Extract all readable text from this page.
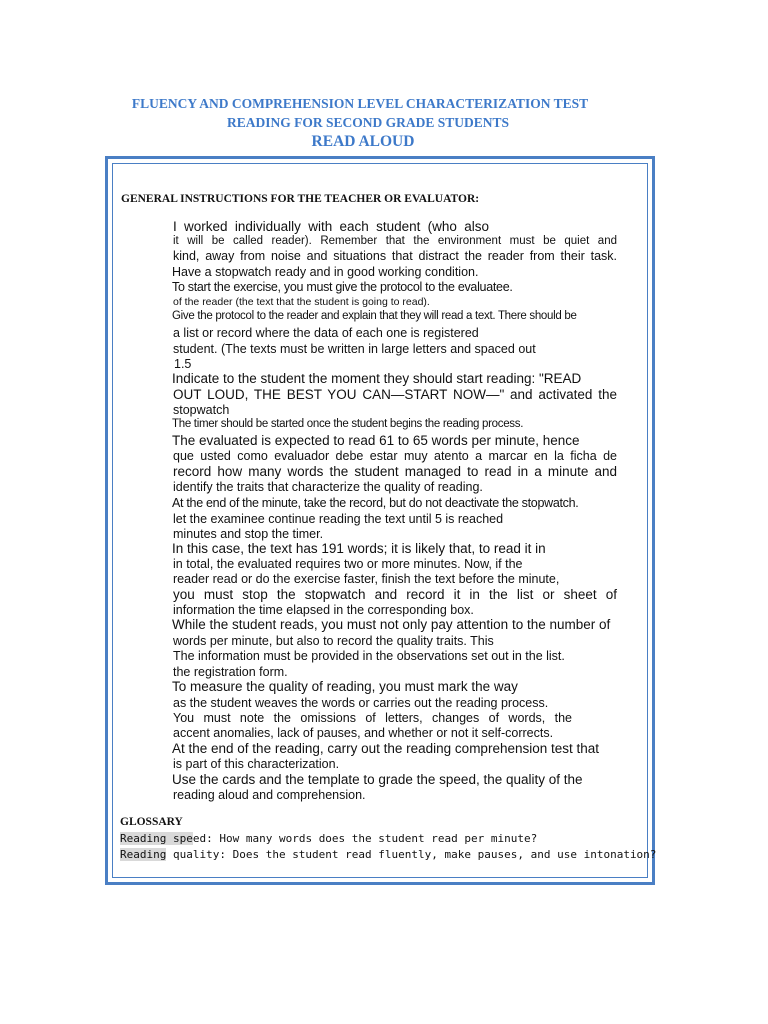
FLUENCY AND COMPREHENSION LEVEL CHARACTERIZATION TEST
READING FOR SECOND GRADE STUDENTS
READ ALOUD
GENERAL INSTRUCTIONS FOR THE TEACHER OR EVALUATOR:
I worked individually with each student (who also
it will be called reader). Remember that the environment must be quiet and
kind, away from noise and situations that distract the reader from their task.
Have a stopwatch ready and in good working condition.
To start the exercise, you must give the protocol to the evaluatee.
of the reader (the text that the student is going to read).
Give the protocol to the reader and explain that they will read a text. There should be
a list or record where the data of each one is registered
student. (The texts must be written in large letters and spaced out
1.5
Indicate to the student the moment they should start reading: "READ
OUT LOUD, THE BEST YOU CAN—START NOW—" and activated the
stopwatch
The timer should be started once the student begins the reading process.
The evaluated is expected to read 61 to 65 words per minute, hence
que usted como evaluador debe estar muy atento a marcar en la ficha de
record how many words the student managed to read in a minute and
identify the traits that characterize the quality of reading.
At the end of the minute, take the record, but do not deactivate the stopwatch.
let the examinee continue reading the text until 5 is reached
minutes and stop the timer.
In this case, the text has 191 words; it is likely that, to read it in
in total, the evaluated requires two or more minutes. Now, if the
reader read or do the exercise faster, finish the text before the minute,
you must stop the stopwatch and record it in the list or sheet of
information the time elapsed in the corresponding box.
While the student reads, you must not only pay attention to the number of
words per minute, but also to record the quality traits. This
The information must be provided in the observations set out in the list.
the registration form.
To measure the quality of reading, you must mark the way
as the student weaves the words or carries out the reading process.
You must note the omissions of letters, changes of words, the
accent anomalies, lack of pauses, and whether or not it self-corrects.
At the end of the reading, carry out the reading comprehension test that
is part of this characterization.
Use the cards and the template to grade the speed, the quality of the
reading aloud and comprehension.
GLOSSARY
Reading speed: How many words does the student read per minute?
Reading quality: Does the student read fluently, make pauses, and use intonation?
